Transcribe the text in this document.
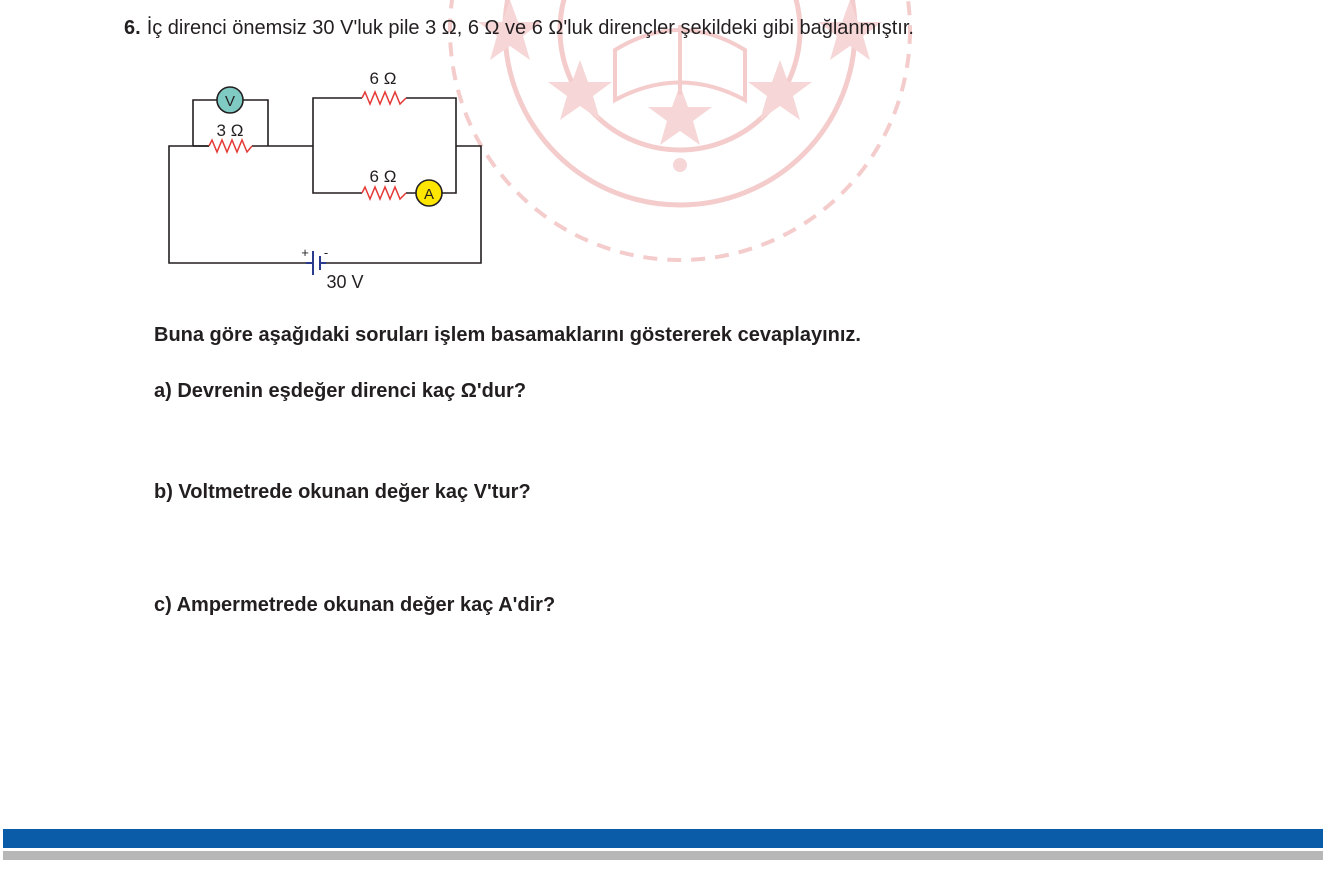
6. İç direnci önemsiz 30 V'luk pile 3 Ω, 6 Ω ve 6 Ω'luk dirençler şekildeki gibi bağlanmıştır.
V
A
+ -
30 V
3 Ω
6 Ω
6 Ω
Buna göre aşağıdaki soruları işlem basamaklarını göstererek cevaplayınız.
a) Devrenin eşdeğer direnci kaç Ω'dur?
b) Voltmetrede okunan değer kaç V'tur?
c) Ampermetrede okunan değer kaç A'dir?
